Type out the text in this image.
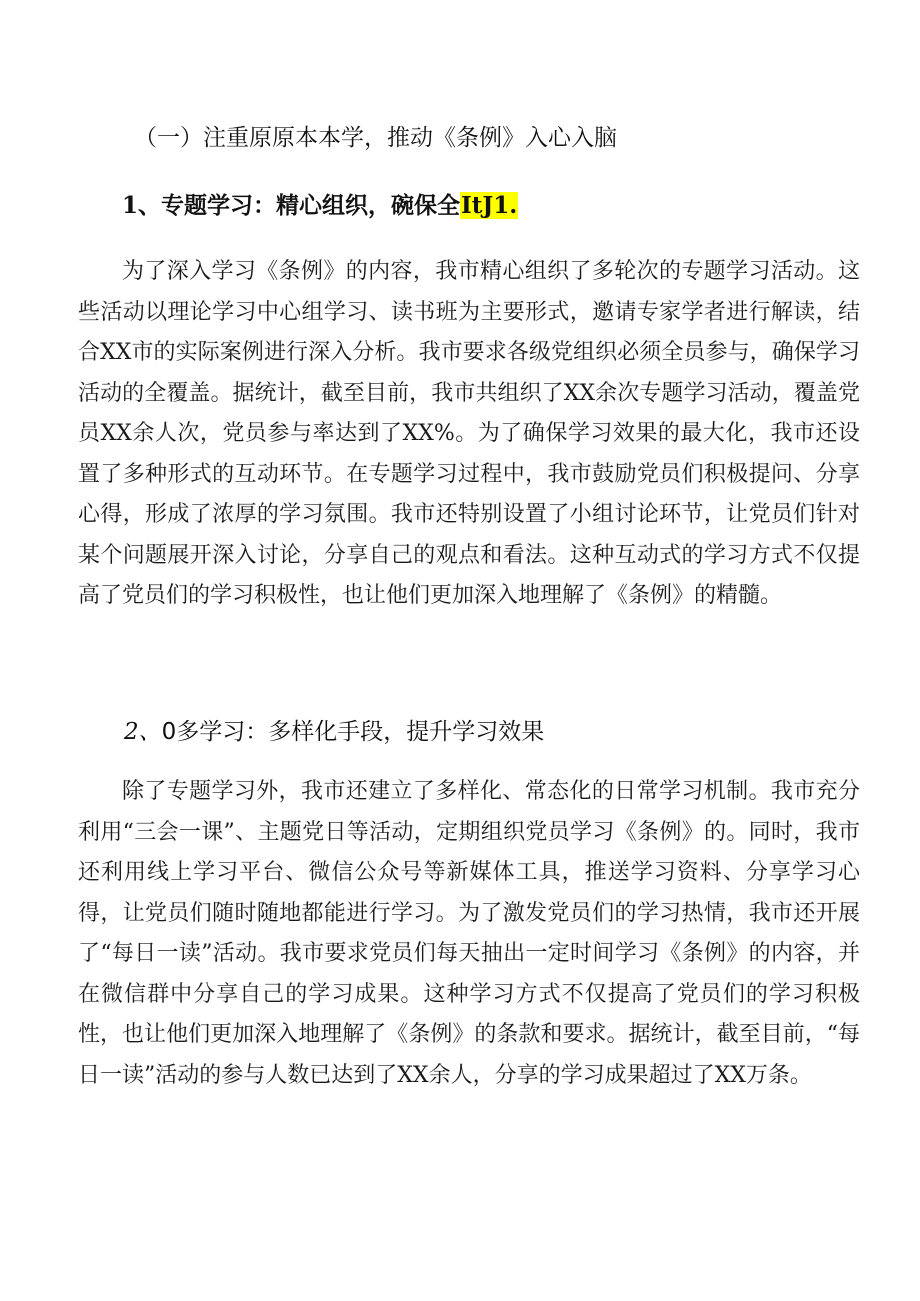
（一）注重原原本本学，推动《条例》入心入脑
1、专题学习：精心组织，碗保全ItJ1.

为了深入学习《条例》的内容，我市精心组织了多轮次的专题学习活动。这些活动以理论学习中心组学习、读书班为主要形式，邀请专家学者进行解读，结合XX市的实际案例进行深入分析。我市要求各级党组织必须全员参与，确保学习活动的全覆盖。据统计，截至目前，我市共组织了XX余次专题学习活动，覆盖党员XX余人次，党员参与率达到了XX%。为了确保学习效果的最大化，我市还设置了多种形式的互动环节。在专题学习过程中，我市鼓励党员们积极提问、分享心得，形成了浓厚的学习氛围。我市还特别设置了小组讨论环节，让党员们针对某个问题展开深入讨论，分享自己的观点和看法。这种互动式的学习方式不仅提高了党员们的学习积极性，也让他们更加深入地理解了《条例》的精髓。

2、0多学习：多样化手段，提升学习效果

除了专题学习外，我市还建立了多样化、常态化的日常学习机制。我市充分利用“三会一课”、主题党日等活动，定期组织党员学习《条例》的。同时，我市还利用线上学习平台、微信公众号等新媒体工具，推送学习资料、分享学习心得，让党员们随时随地都能进行学习。为了激发党员们的学习热情，我市还开展了“每日一读”活动。我市要求党员们每天抽出一定时间学习《条例》的内容，并在微信群中分享自己的学习成果。这种学习方式不仅提高了党员们的学习积极性，也让他们更加深入地理解了《条例》的条款和要求。据统计，截至目前，“每日一读”活动的参与人数已达到了XX余人，分享的学习成果超过了XX万条。
